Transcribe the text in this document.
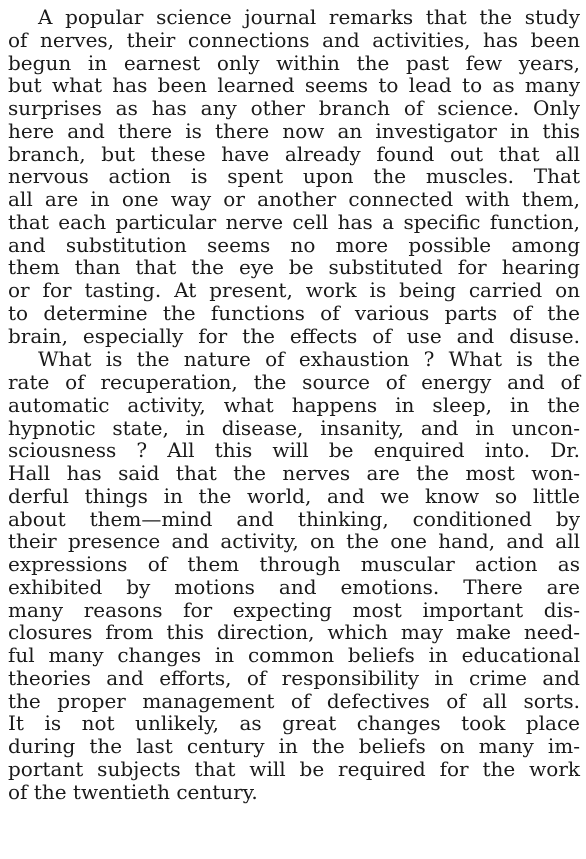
A popular science journal remarks that the study
of nerves, their connections and activities, has been
begun in earnest only within the past few years,
but what has been learned seems to lead to as many
surprises as has any other branch of science. Only
here and there is there now an investigator in this
branch, but these have already found out that all
nervous action is spent upon the muscles. That
all are in one way or another connected with them,
that each particular nerve cell has a specific function,
and substitution seems no more possible among
them than that the eye be substituted for hearing
or for tasting. At present, work is being carried on
to determine the functions of various parts of the
brain, especially for the effects of use and disuse.
What is the nature of exhaustion ? What is the
rate of recuperation, the source of energy and of
automatic activity, what happens in sleep, in the
hypnotic state, in disease, insanity, and in uncon-
sciousness ? All this will be enquired into. Dr.
Hall has said that the nerves are the most won-
derful things in the world, and we know so little
about them—mind and thinking, conditioned by
their presence and activity, on the one hand, and all
expressions of them through muscular action as
exhibited by motions and emotions. There are
many reasons for expecting most important dis-
closures from this direction, which may make need-
ful many changes in common beliefs in educational
theories and efforts, of responsibility in crime and
the proper management of defectives of all sorts.
It is not unlikely, as great changes took place
during the last century in the beliefs on many im-
portant subjects that will be required for the work
of the twentieth century.
